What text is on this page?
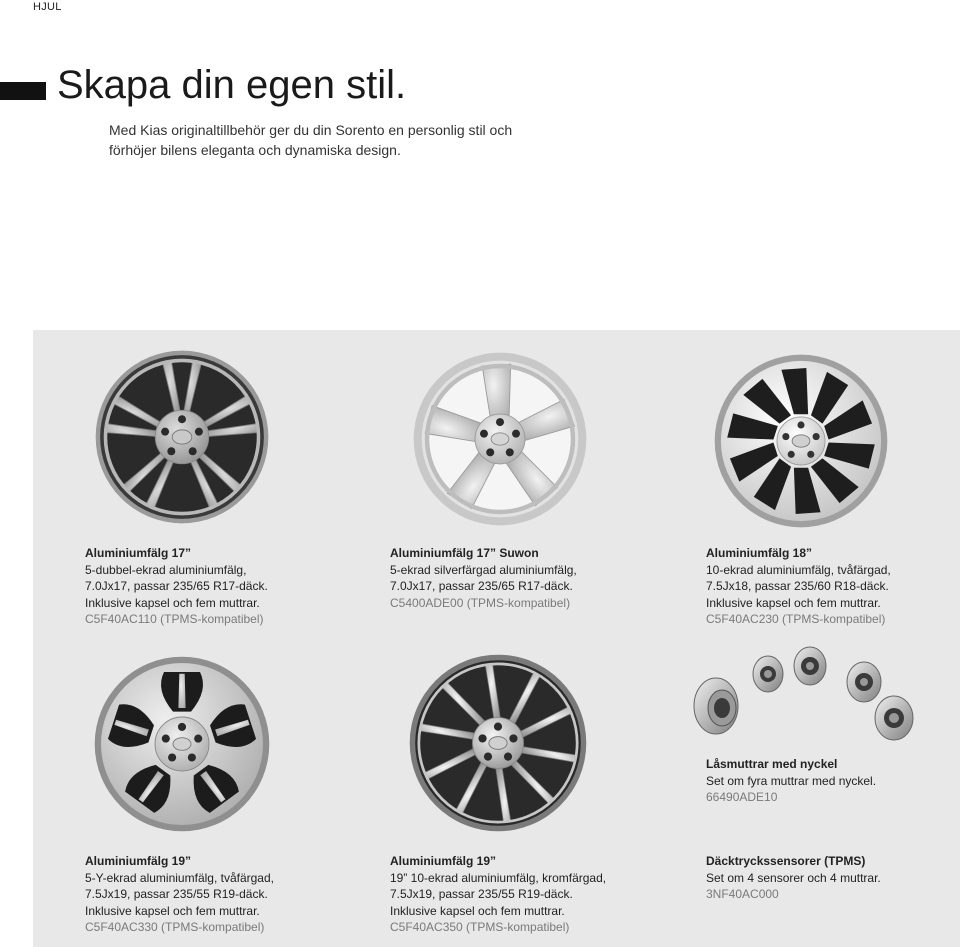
HJUL
Skapa din egen stil.
Med Kias originaltillbehör ger du din Sorento en personlig stil och förhöjer bilens eleganta och dynamiska design.
Aluminiumfälg 17”
5-dubbel-ekrad aluminiumfälg,
7.0Jx17, passar 235/65 R17-däck.
Inklusive kapsel och fem muttrar.
C5F40AC110 (TPMS-kompatibel)
Aluminiumfälg 17” Suwon
5-ekrad silverfärgad aluminiumfälg,
7.0Jx17, passar 235/65 R17-däck.
C5400ADE00 (TPMS-kompatibel)
Aluminiumfälg 18”
10-ekrad aluminiumfälg, tvåfärgad,
7.5Jx18, passar 235/60 R18-däck.
Inklusive kapsel och fem muttrar.
C5F40AC230 (TPMS-kompatibel)
Låsmuttrar med nyckel
Set om fyra muttrar med nyckel.
66490ADE10
Aluminiumfälg 19”
5-Y-ekrad aluminiumfälg, tvåfärgad,
7.5Jx19, passar 235/55 R19-däck.
Inklusive kapsel och fem muttrar.
C5F40AC330 (TPMS-kompatibel)
Aluminiumfälg 19”
19” 10-ekrad aluminiumfälg, kromfärgad,
7.5Jx19, passar 235/55 R19-däck.
Inklusive kapsel och fem muttrar.
C5F40AC350 (TPMS-kompatibel)
Däcktryckssensorer (TPMS)
Set om 4 sensorer och 4 muttrar.
3NF40AC000
